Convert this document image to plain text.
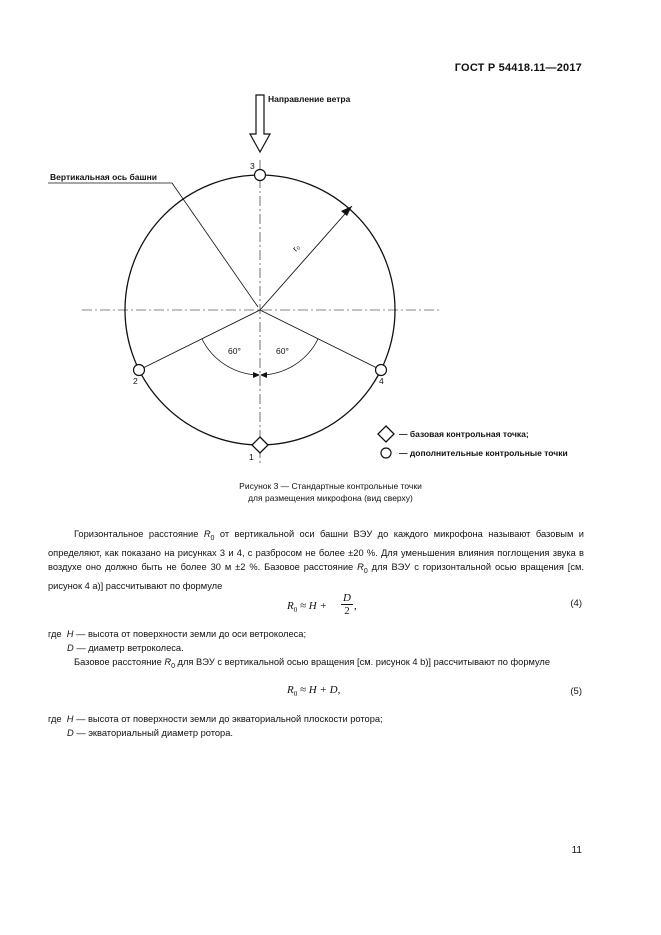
ГОСТ Р 54418.11—2017
Направление ветра
Вертикальная ось башни
r₀
60°	60°
3
2	4
1
— базовая контрольная точка;
— дополнительные контрольные точки
Рисунок 3 — Стандартные контрольные точки
для размещения микрофона (вид сверху)
Горизонтальное расстояние $R_0$ от вертикальной оси башни ВЭУ до каждого микрофона называют базовым и определяют, как показано на рисунках 3 и 4, с разбросом не более ±20 %. Для уменьшения влияния поглощения звука в воздухе оно должно быть не более 30 м ±2 %. Базовое расстояние $R_0$ для ВЭУ с горизонтальной осью вращения [см. рисунок 4 a)] рассчитывают по формуле
$R_0 \approx H + \frac{D}{2}$ ,	(4)
где H — высота от поверхности земли до оси ветроколеса;
D — диаметр ветроколеса.
Базовое расстояние $R_0$ для ВЭУ с вертикальной осью вращения [см. рисунок 4 b)] рассчитывают по формуле
$R_0 \approx H + D$,	(5)
где H — высота от поверхности земли до экваториальной плоскости ротора;
D — экваториальный диаметр ротора.
11
